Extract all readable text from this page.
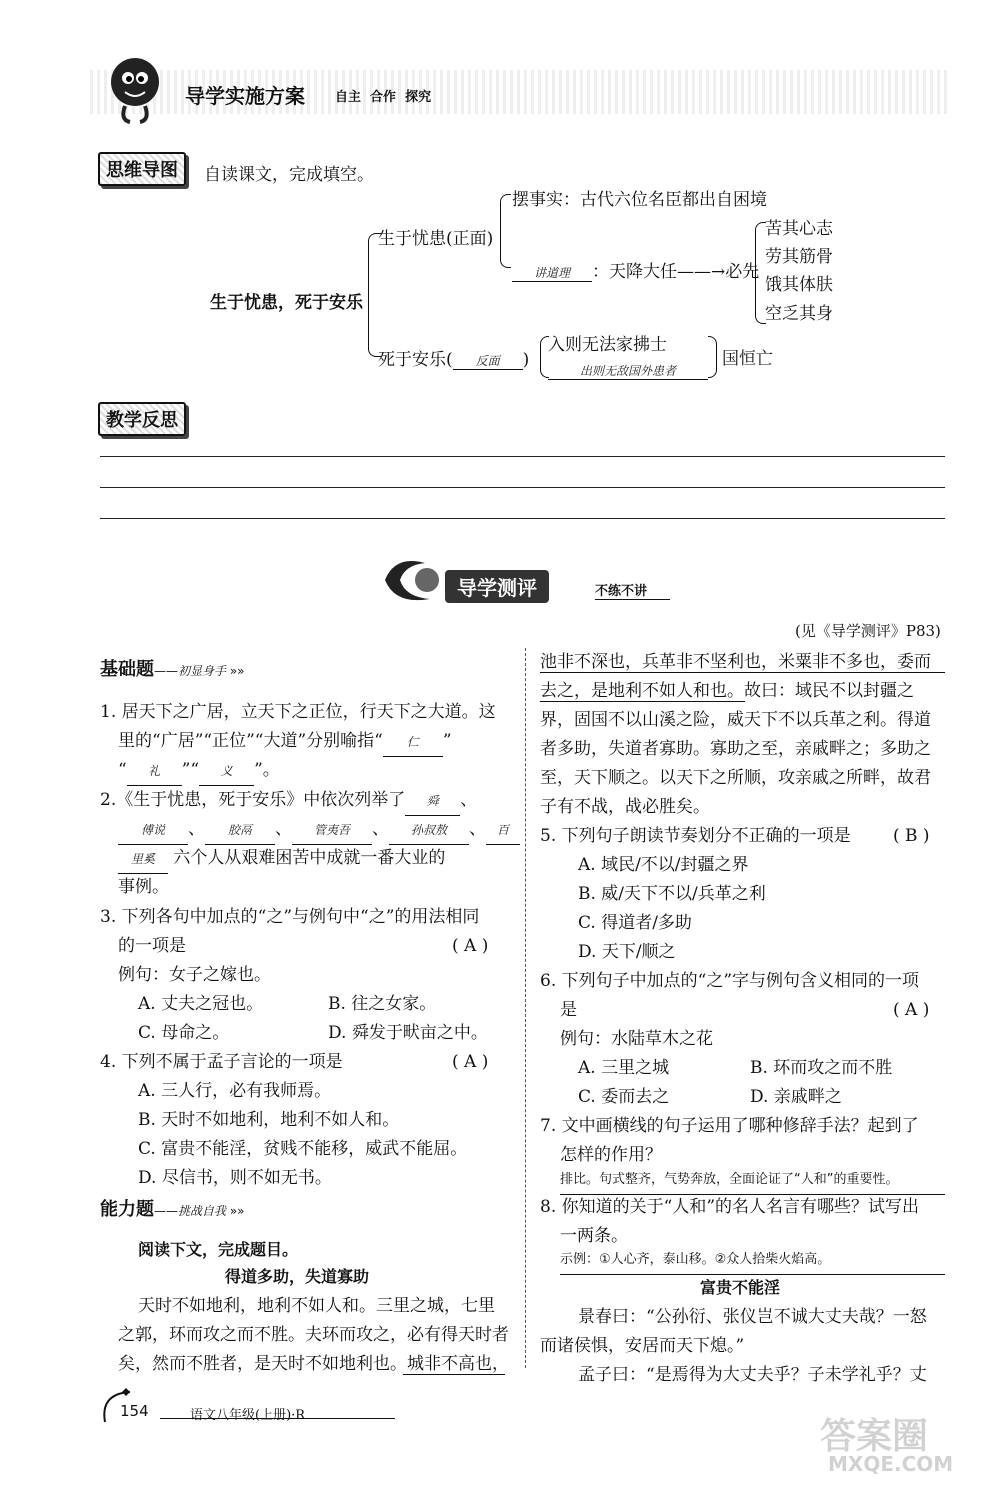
导学实施方案 自主  合作  探究
思维导图	自读课文，完成填空。
生于忧患，死于安乐
生于忧患(正面)
摆事实：古代六位名臣都出自困境
讲道理 ：天降大任——→必先
苦其心志
劳其筋骨
饿其体肤
空乏其身
死于安乐( 反面 )
入则无法家拂士
出则无敌国外患者
国恒亡
教学反思
导学测评	不练不讲
(见《导学测评》P83)
基础题——初显身手 »»
1. 居天下之广居，立天下之正位，行天下之大道。这
里的“广居”“正位”“大道”分别喻指“ 仁 ”
“ 礼 ”“ 义 ”。
2.《生于忧患，死于安乐》中依次列举了 舜 、
傅说 、 胶鬲 、 管夷吾 、 孙叔敖 、 百
里奚 六个人从艰难困苦中成就一番大业的
事例。
3. 下列各句中加点的“之”与例句中“之”的用法相同
的一项是	( A )
例句：女子之嫁也。
A. 丈夫之冠也。	B. 往之女家。
C. 母命之。	D. 舜发于畎亩之中。
4. 下列不属于孟子言论的一项是	( A )
A. 三人行，必有我师焉。
B. 天时不如地利，地利不如人和。
C. 富贵不能淫，贫贱不能移，威武不能屈。
D. 尽信书，则不如无书。
能力题——挑战自我 »»
阅读下文，完成题目。
得道多助，失道寡助
天时不如地利，地利不如人和。三里之城，七里
之郭，环而攻之而不胜。夫环而攻之，必有得天时者
矣，然而不胜者，是天时不如地利也。城非不高也，
池非不深也，兵革非不坚利也，米粟非不多也，委而
去之，是地利不如人和也。故曰：域民不以封疆之
界，固国不以山溪之险，威天下不以兵革之利。得道
者多助，失道者寡助。寡助之至，亲戚畔之；多助之
至，天下顺之。以天下之所顺，攻亲戚之所畔，故君
子有不战，战必胜矣。
5. 下列句子朗读节奏划分不正确的一项是 ( B )
A. 域民/不以/封疆之界
B. 威/天下不以/兵革之利
C. 得道者/多助
D. 天下/顺之
6. 下列句子中加点的“之”字与例句含义相同的一项
是	( A )
例句：水陆草木之花
A. 三里之城	B. 环而攻之而不胜
C. 委而去之	D. 亲戚畔之
7. 文中画横线的句子运用了哪种修辞手法？起到了
怎样的作用？
排比。句式整齐，气势奔放，全面论证了“人和”的重要性。
8. 你知道的关于“人和”的名人名言有哪些？试写出
一两条。
示例：①人心齐，泰山移。②众人拾柴火焰高。
富贵不能淫
景春曰：“公孙衍、张仪岂不诚大丈夫哉？一怒
而诸侯惧，安居而天下熄。”
孟子曰：“是焉得为大丈夫乎？子未学礼乎？丈
154	语文八年级(上册)·R
答案圈
MXQE.COM
